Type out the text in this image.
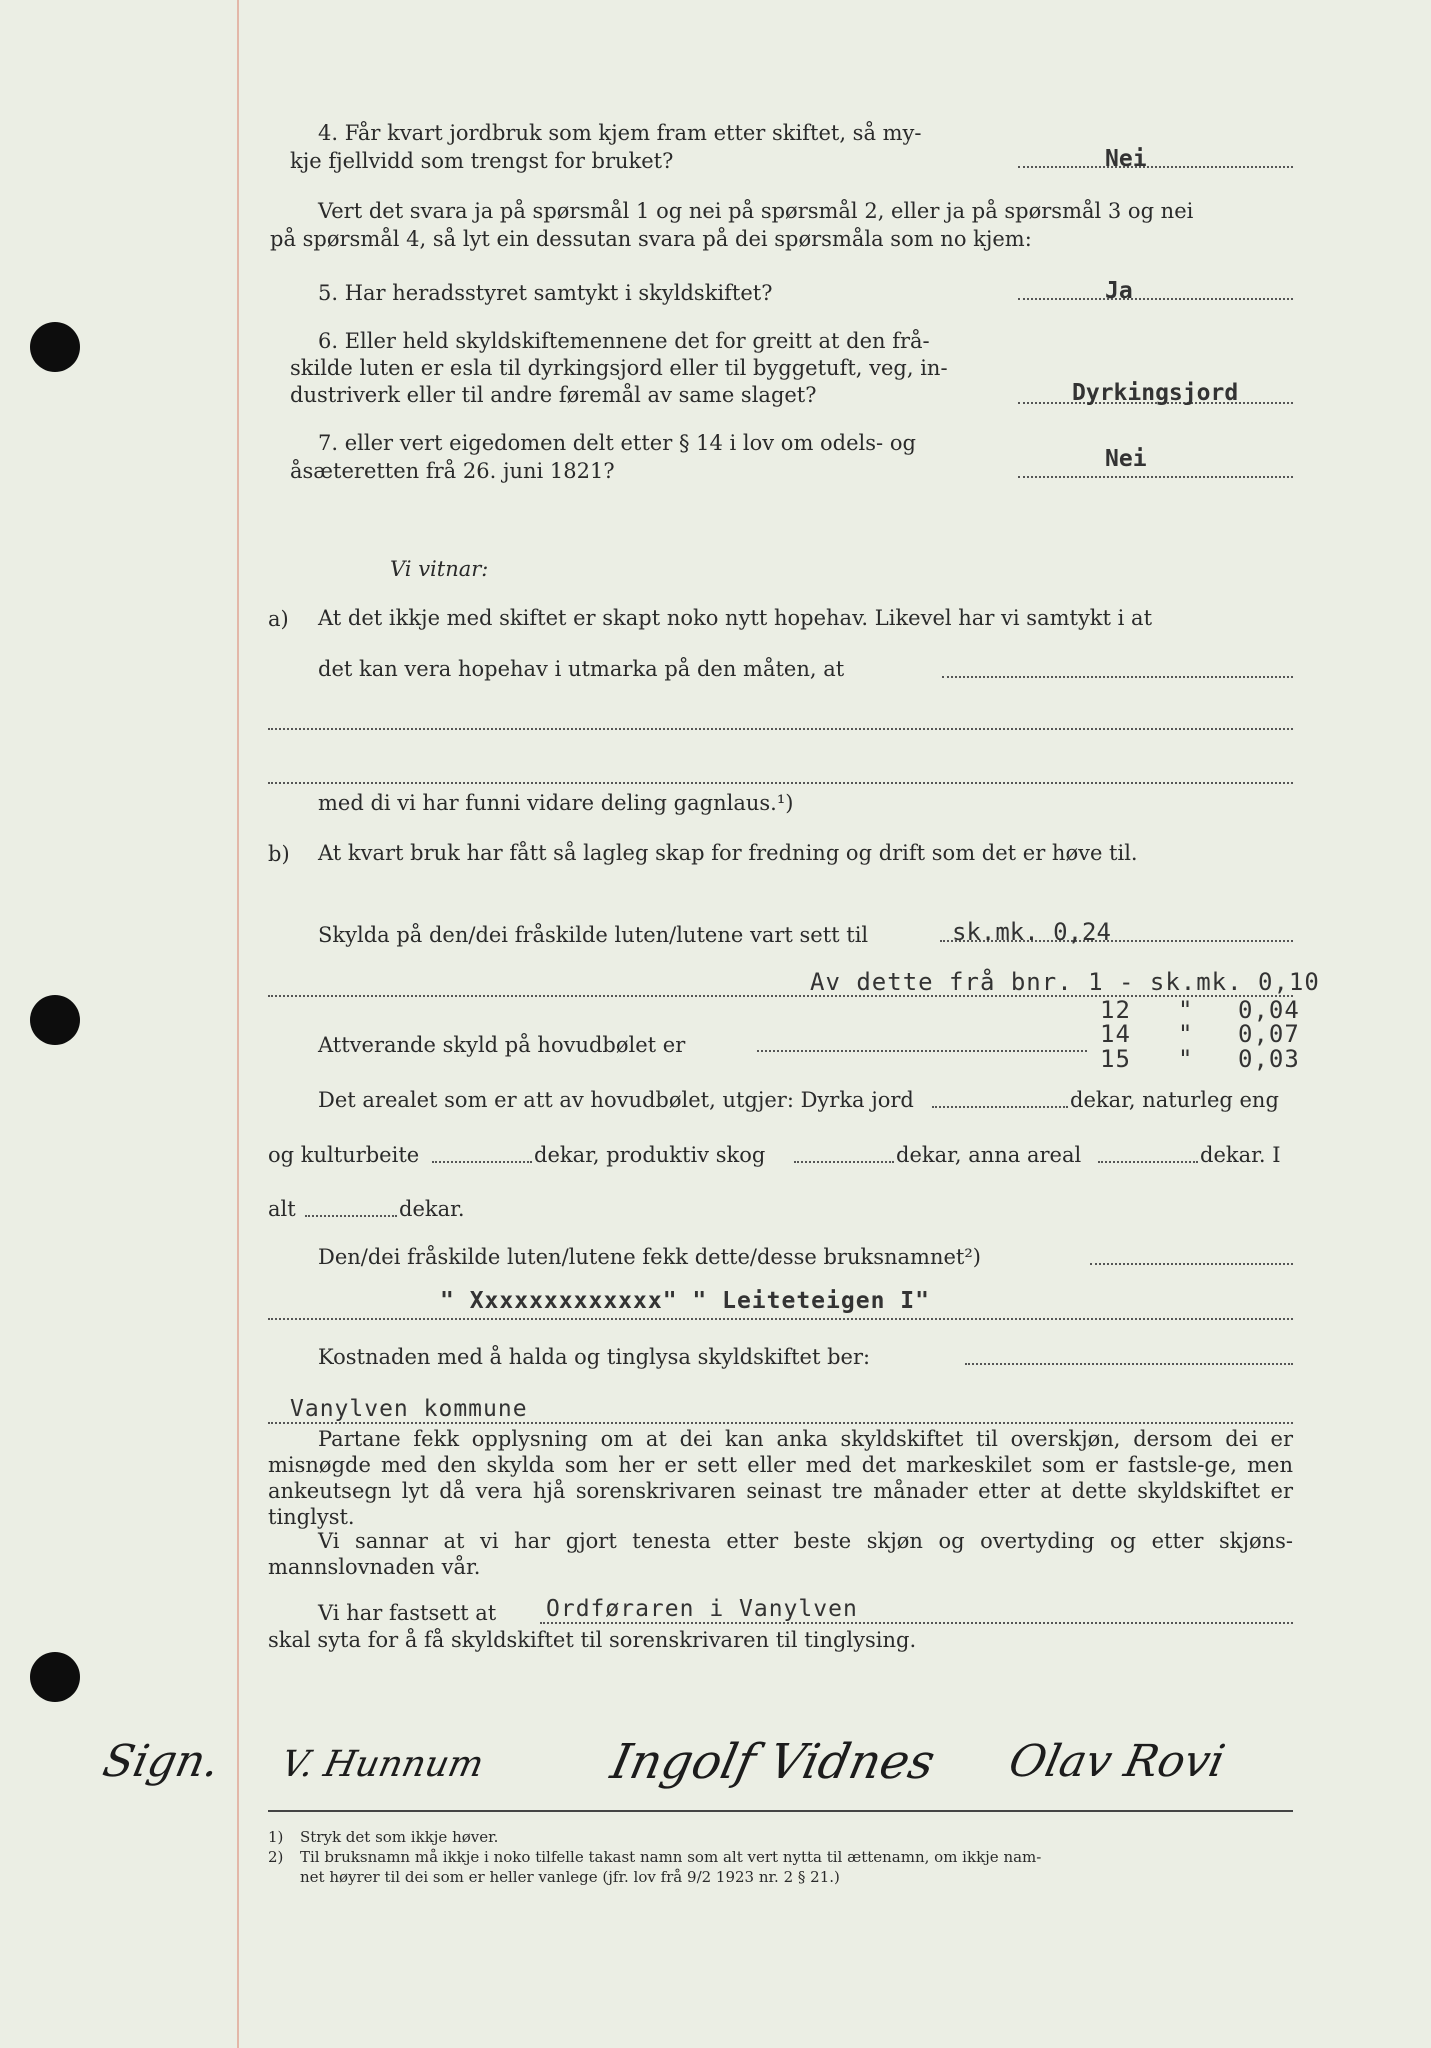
4. Får kvart jordbruk som kjem fram etter skiftet, så my-
kje fjellvidd som trengst for bruket?	Nei
Vert det svara ja på spørsmål 1 og nei på spørsmål 2, eller ja på spørsmål 3 og nei
på spørsmål 4, så lyt ein dessutan svara på dei spørsmåla som no kjem:
5. Har heradsstyret samtykt i skyldskiftet?	Ja
6. Eller held skyldskiftemennene det for greitt at den frå-
skilde luten er esla til dyrkingsjord eller til byggetuft, veg, in-
dustriverk eller til andre føremål av same slaget?	Dyrkingsjord
7. eller vert eigedomen delt etter § 14 i lov om odels- og
åsæteretten frå 26. juni 1821?	Nei
Vi vitnar:
a) At det ikkje med skiftet er skapt noko nytt hopehav. Likevel har vi samtykt i at
det kan vera hopehav i utmarka på den måten, at
med di vi har funni vidare deling gagnlaus.¹)
b) At kvart bruk har fått så lagleg skap for fredning og drift som det er høve til.
Skylda på den/dei fråskilde luten/lutene vart sett til	sk.mk. 0,24
Av dette frå bnr. 1 - sk.mk. 0,10
12 " 0,04
14 " 0,07
15 " 0,03
Attverande skyld på hovudbølet er
Det arealet som er att av hovudbølet, utgjer: Dyrka jord	dekar, naturleg eng
og kulturbeite	dekar, produktiv skog	dekar, anna areal	dekar. I
alt	dekar.
Den/dei fråskilde luten/lutene fekk dette/desse bruksnamnet²)
" Xxxxxxxxxxxxx" " Leiteteigen I"
Kostnaden med å halda og tinglysa skyldskiftet ber:
Vanylven kommune
Partane fekk opplysning om at dei kan anka skyldskiftet til overskjøn, dersom dei er misnøgde med den skylda som her er sett eller med det markeskilet som er fastsle-ge, men ankeutsegn lyt då vera hjå sorenskrivaren seinast tre månader etter at dette skyldskiftet er tinglyst.
Vi sannar at vi har gjort tenesta etter beste skjøn og overtyding og etter skjøns-mannslovnaden vår.
Vi har fastsett at Ordføraren i Vanylven
skal syta for å få skyldskiftet til sorenskrivaren til tinglysing.
Sign. V. Hunnum Ingolf Vidnes Olav Rovi
1) Stryk det som ikkje høver.
2) Til bruksnamn må ikkje i noko tilfelle takast namn som alt vert nytta til ættenamn, om ikkje nam-
net høyrer til dei som er heller vanlege (jfr. lov frå 9/2 1923 nr. 2 § 21.)
